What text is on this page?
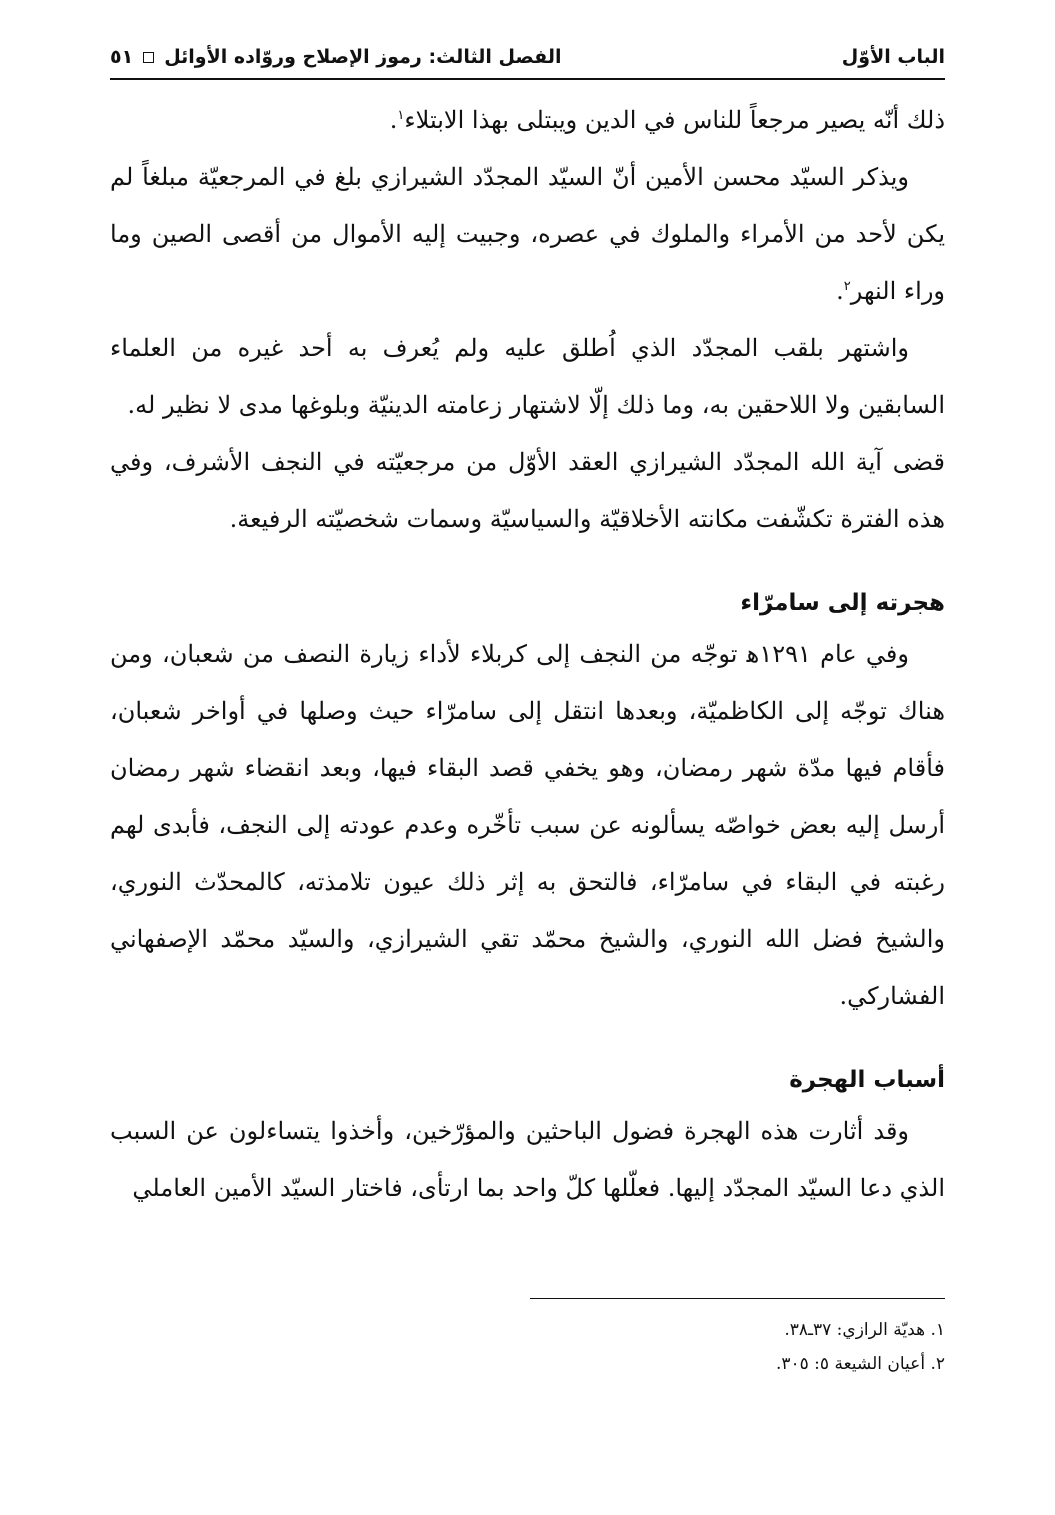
الباب الأوّل
الفصل الثالث: رموز الإصلاح وروّاده الأوائل
٥١

ذلك أنّه يصير مرجعاً للناس في الدين ويبتلى بهذا الابتلاء$^١$.

ويذكر السيّد محسن الأمين أنّ السيّد المجدّد الشيرازي بلغ في المرجعيّة مبلغاً لم يكن لأحد من الأمراء والملوك في عصره، وجبيت إليه الأموال من أقصى الصين وما وراء النهر$^٢$.

واشتهر بلقب المجدّد الذي اُطلق عليه ولم يُعرف به أحد غيره من العلماء السابقين ولا اللاحقين به، وما ذلك إلّا لاشتهار زعامته الدينيّة وبلوغها مدى لا نظير له.

قضى آية الله المجدّد الشيرازي العقد الأوّل من مرجعيّته في النجف الأشرف، وفي هذه الفترة تكشّفت مكانته الأخلاقيّة والسياسيّة وسمات شخصيّته الرفيعة.

هجرته إلى سامرّاء

وفي عام ١٢٩١ﻫ توجّه من النجف إلى كربلاء لأداء زيارة النصف من شعبان، ومن هناك توجّه إلى الكاظميّة، وبعدها انتقل إلى سامرّاء حيث وصلها في أواخر شعبان، فأقام فيها مدّة شهر رمضان، وهو يخفي قصد البقاء فيها، وبعد انقضاء شهر رمضان أرسل إليه بعض خواصّه يسألونه عن سبب تأخّره وعدم عودته إلى النجف، فأبدى لهم رغبته في البقاء في سامرّاء، فالتحق به إثر ذلك عيون تلامذته، كالمحدّث النوري، والشيخ فضل الله النوري، والشيخ محمّد تقي الشيرازي، والسيّد محمّد الإصفهاني الفشاركي.

أسباب الهجرة

وقد أثارت هذه الهجرة فضول الباحثين والمؤرّخين، وأخذوا يتساءلون عن السبب الذي دعا السيّد المجدّد إليها. فعلّلها كلّ واحد بما ارتأى، فاختار السيّد الأمين العاملي

١. هديّة الرازي: ٣٧ـ٣٨.

٢. أعيان الشيعة ٥: ٣٠٥.
